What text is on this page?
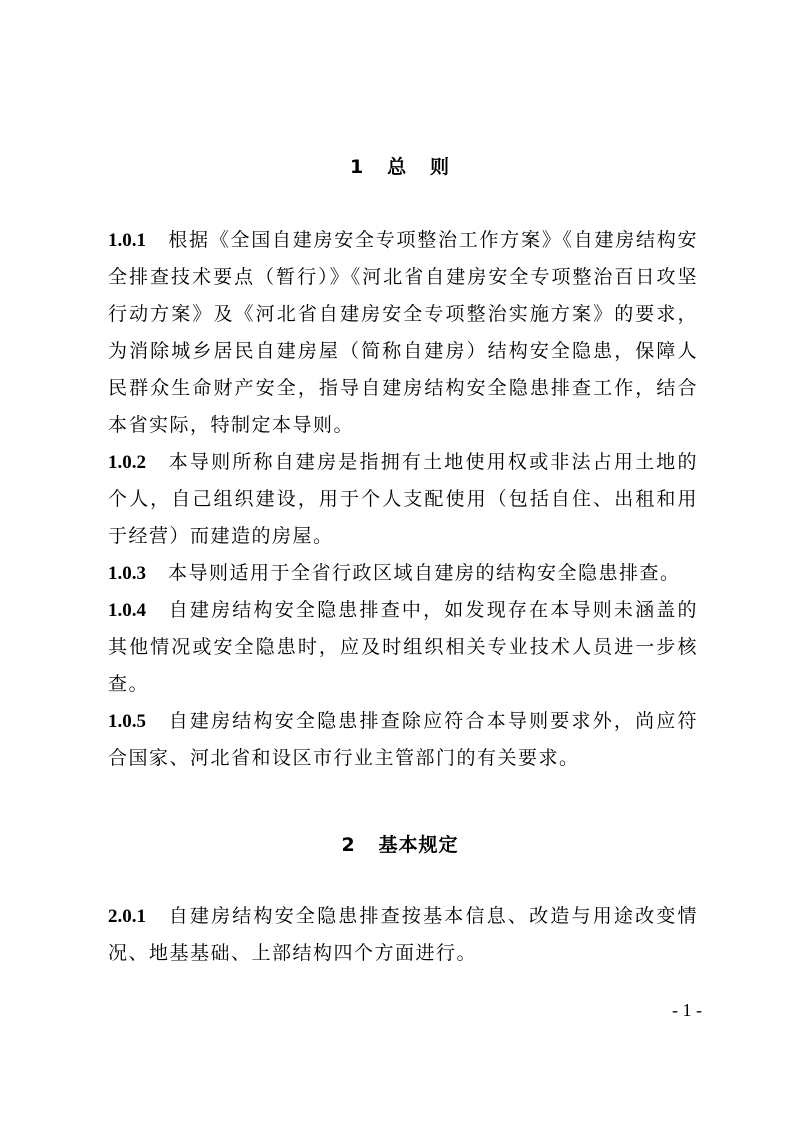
1   总   则
1.0.1 根据《全国自建房安全专项整治工作方案》《自建房结构安全排查技术要点（暂行）》《河北省自建房安全专项整治百日攻坚行动方案》及《河北省自建房安全专项整治实施方案》的要求，为消除城乡居民自建房屋（简称自建房）结构安全隐患，保障人民群众生命财产安全，指导自建房结构安全隐患排查工作，结合本省实际，特制定本导则。
1.0.2 本导则所称自建房是指拥有土地使用权或非法占用土地的个人，自己组织建设，用于个人支配使用（包括自住、出租和用于经营）而建造的房屋。
1.0.3 本导则适用于全省行政区域自建房的结构安全隐患排查。
1.0.4 自建房结构安全隐患排查中，如发现存在本导则未涵盖的其他情况或安全隐患时，应及时组织相关专业技术人员进一步核查。
1.0.5 自建房结构安全隐患排查除应符合本导则要求外，尚应符合国家、河北省和设区市行业主管部门的有关要求。
2   基本规定
2.0.1 自建房结构安全隐患排查按基本信息、改造与用途改变情况、地基基础、上部结构四个方面进行。
- 1 -
